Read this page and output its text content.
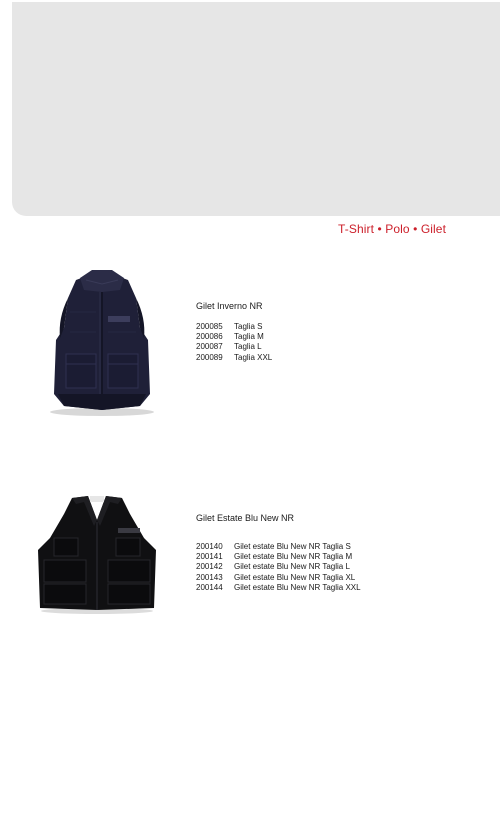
T-Shirt • Polo • Gilet
Gilet Inverno NR
200085	Taglia S
200086	Taglia M
200087	Taglia L
200089	Taglia XXL
Gilet Estate Blu New NR
200140	Gilet estate Blu New NR Taglia S
200141	Gilet estate Blu New NR Taglia M
200142	Gilet estate Blu New NR Taglia L
200143	Gilet estate Blu New NR Taglia XL
200144	Gilet estate Blu New NR Taglia XXL
